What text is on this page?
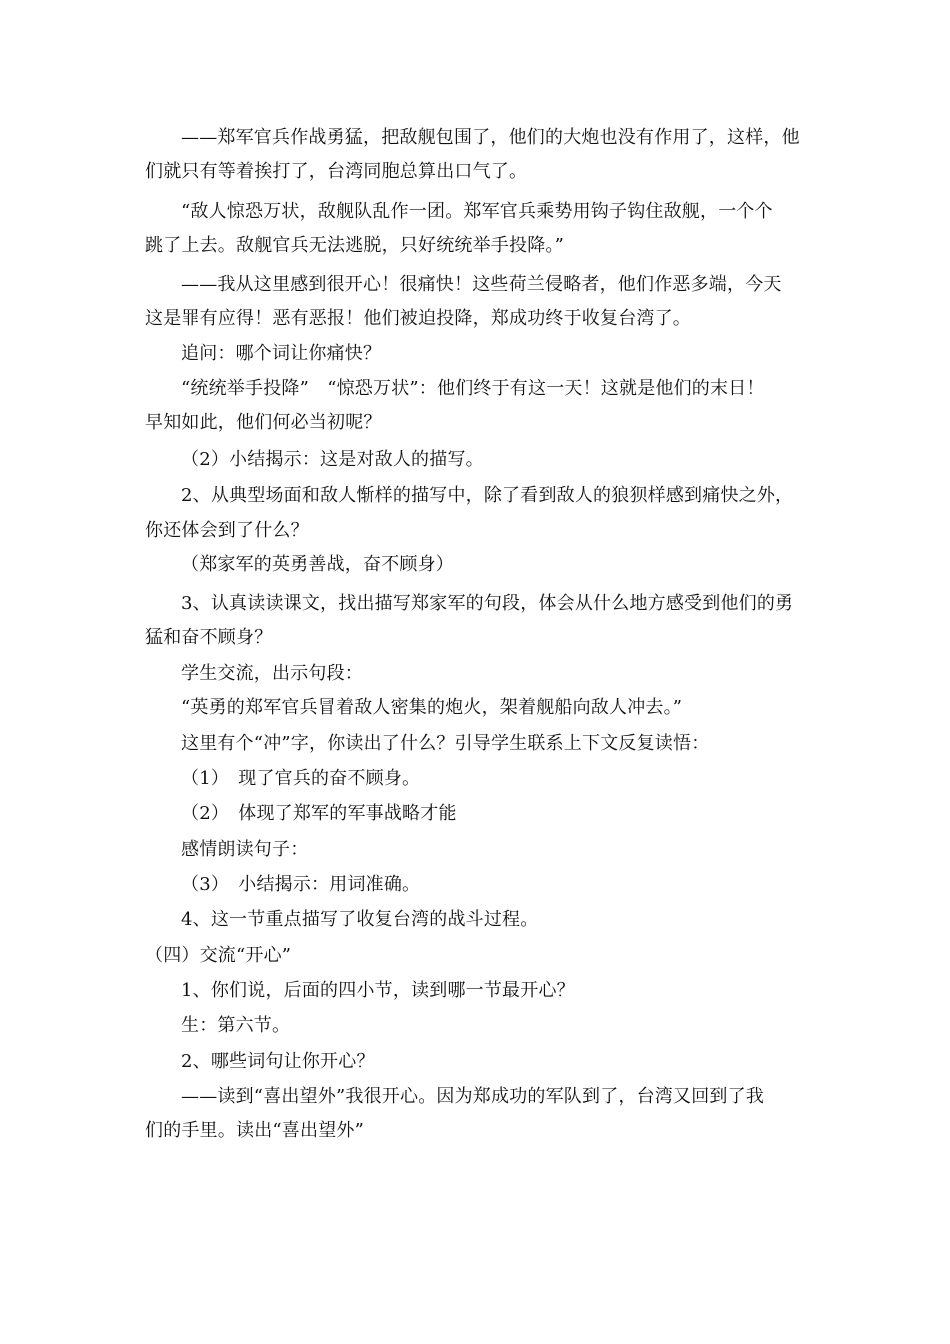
——郑军官兵作战勇猛，把敌舰包围了，他们的大炮也没有作用了，这样，他
们就只有等着挨打了，台湾同胞总算出口气了。
“敌人惊恐万状，敌舰队乱作一团。郑军官兵乘势用钩子钩住敌舰，一个个
跳了上去。敌舰官兵无法逃脱，只好统统举手投降。”
——我从这里感到很开心！很痛快！这些荷兰侵略者，他们作恶多端，今天
这是罪有应得！恶有恶报！他们被迫投降，郑成功终于收复台湾了。
追问：哪个词让你痛快？
“统统举手投降”　“惊恐万状”：他们终于有这一天！这就是他们的末日！
早知如此，他们何必当初呢？
（2）小结揭示：这是对敌人的描写。
2、从典型场面和敌人惭样的描写中，除了看到敌人的狼狈样感到痛快之外，
你还体会到了什么？
（郑家军的英勇善战，奋不顾身）
3、认真读读课文，找出描写郑家军的句段，体会从什么地方感受到他们的勇
猛和奋不顾身？
学生交流，出示句段：
“英勇的郑军官兵冒着敌人密集的炮火，架着舰船向敌人冲去。”
这里有个“冲”字，你读出了什么？引导学生联系上下文反复读悟：
（1）　现了官兵的奋不顾身。
（2）　体现了郑军的军事战略才能
感情朗读句子：
（3）　小结揭示：用词准确。
4、这一节重点描写了收复台湾的战斗过程。
（四）交流“开心”
1、你们说，后面的四小节，读到哪一节最开心？
生：第六节。
2、哪些词句让你开心？
——读到“喜出望外”我很开心。因为郑成功的军队到了，台湾又回到了我
们的手里。读出“喜出望外”
